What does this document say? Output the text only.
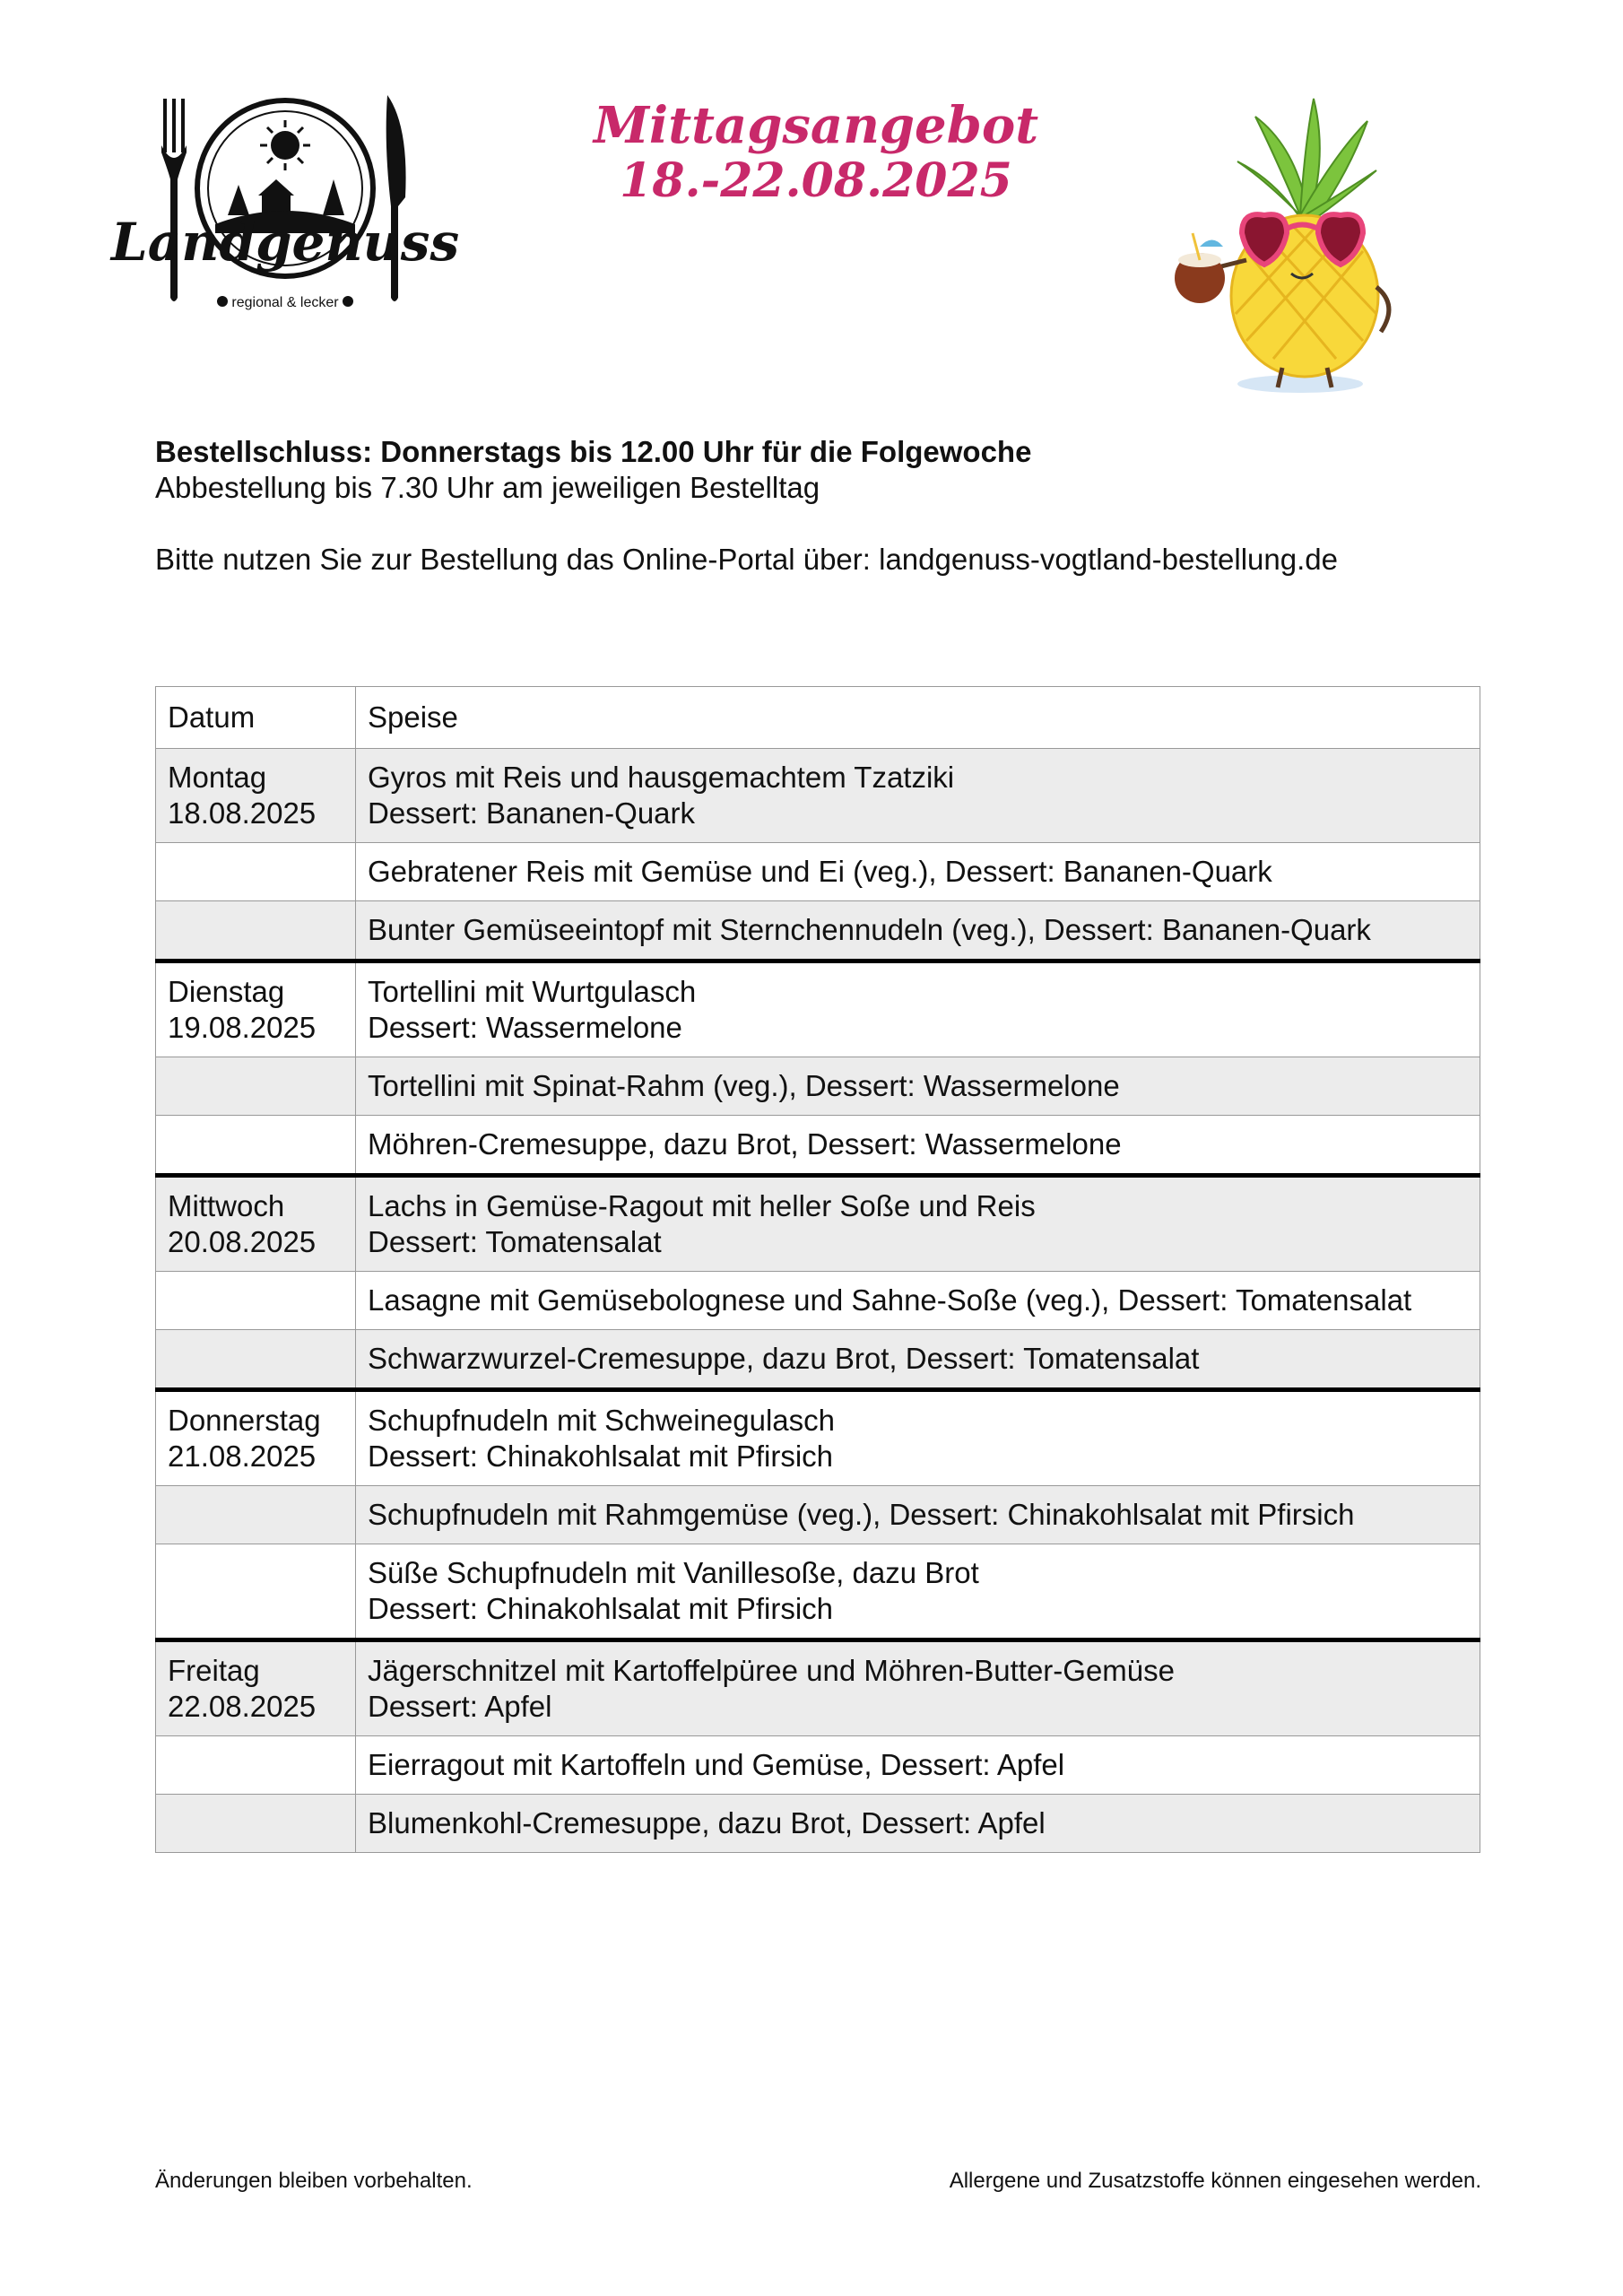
Landgenuss
regional & lecker
Mittagsangebot
18.-22.08.2025
Bestellschluss: Donnerstags bis 12.00 Uhr für die Folgewoche
Abbestellung bis 7.30 Uhr am jeweiligen Bestelltag
Bitte nutzen Sie zur Bestellung das Online-Portal über: landgenuss-vogtland-bestellung.de
Datum	Speise

Montag
18.08.2025	Gyros mit Reis und hausgemachtem Tzatziki
Dessert: Bananen-Quark

	Gebratener Reis mit Gemüse und Ei (veg.), Dessert: Bananen-Quark

	Bunter Gemüseeintopf mit Sternchennudeln (veg.), Dessert: Bananen-Quark

Dienstag
19.08.2025	Tortellini mit Wurtgulasch
Dessert: Wassermelone

	Tortellini mit Spinat-Rahm (veg.), Dessert: Wassermelone

	Möhren-Cremesuppe, dazu Brot, Dessert: Wassermelone

Mittwoch
20.08.2025	Lachs in Gemüse-Ragout mit heller Soße und Reis
Dessert: Tomatensalat

	Lasagne mit Gemüsebolognese und Sahne-Soße (veg.), Dessert: Tomatensalat

	Schwarzwurzel-Cremesuppe, dazu Brot, Dessert: Tomatensalat

Donnerstag
21.08.2025	Schupfnudeln mit Schweinegulasch
Dessert: Chinakohlsalat mit Pfirsich

	Schupfnudeln mit Rahmgemüse (veg.), Dessert: Chinakohlsalat mit Pfirsich

	Süße Schupfnudeln mit Vanillesoße, dazu Brot
Dessert: Chinakohlsalat mit Pfirsich

Freitag
22.08.2025	Jägerschnitzel mit Kartoffelpüree und Möhren-Butter-Gemüse
Dessert: Apfel

	Eierragout mit Kartoffeln und Gemüse, Dessert: Apfel

	Blumenkohl-Cremesuppe, dazu Brot, Dessert: Apfel
Änderungen bleiben vorbehalten.	Allergene und Zusatzstoffe können eingesehen werden.
